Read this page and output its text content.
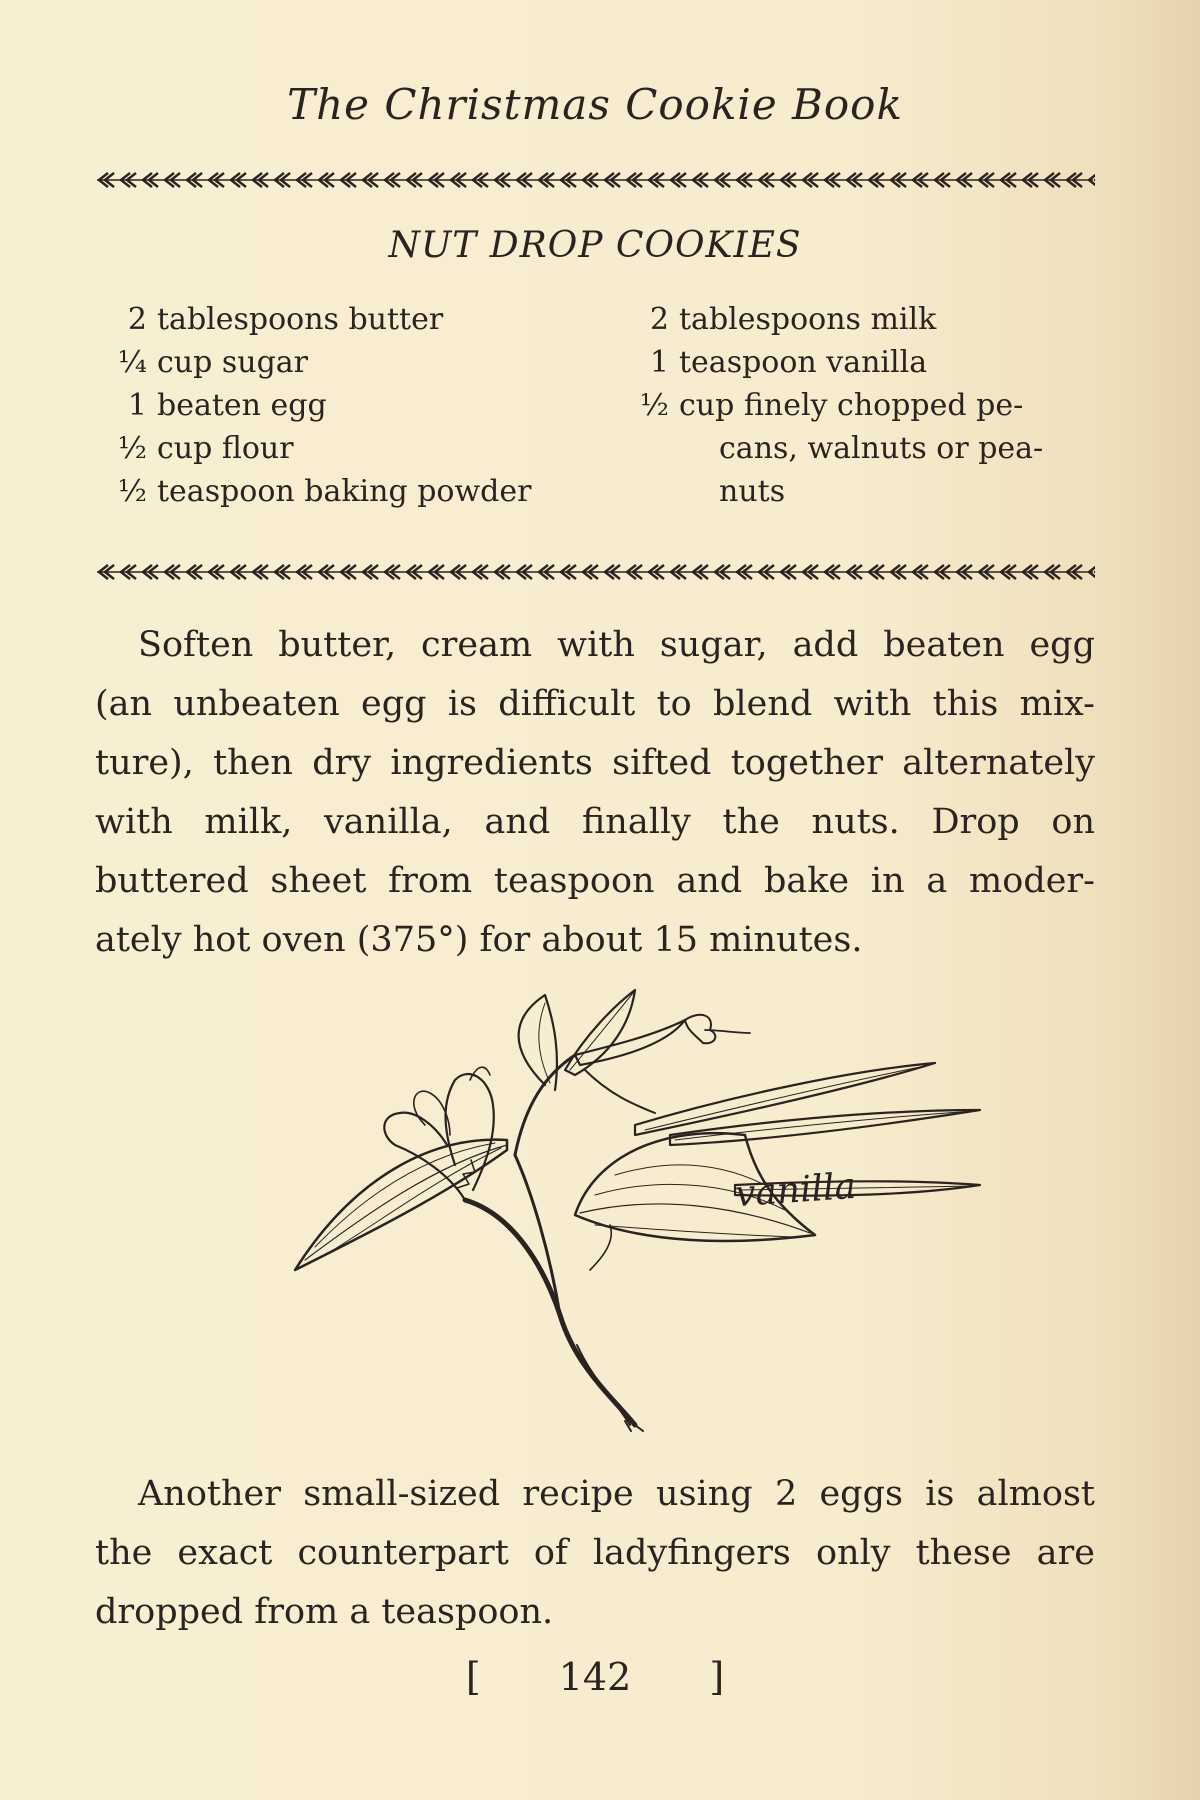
The Christmas Cookie Book
NUT DROP COOKIES
2 tablespoons butter
¼ cup sugar
1 beaten egg
½ cup flour
½ teaspoon baking powder
2 tablespoons milk
1 teaspoon vanilla
½ cup finely chopped pe-
cans, walnuts or pea-
nuts
Soften butter, cream with sugar, add beaten egg
(an unbeaten egg is difficult to blend with this mix-
ture), then dry ingredients sifted together alternately
with milk, vanilla, and finally the nuts. Drop on
buttered sheet from teaspoon and bake in a moder-
ately hot oven (375°) for about 15 minutes.
vanilla
Another small-sized recipe using 2 eggs is almost
the exact counterpart of ladyfingers only these are
dropped from a teaspoon.
[ 142 ]
